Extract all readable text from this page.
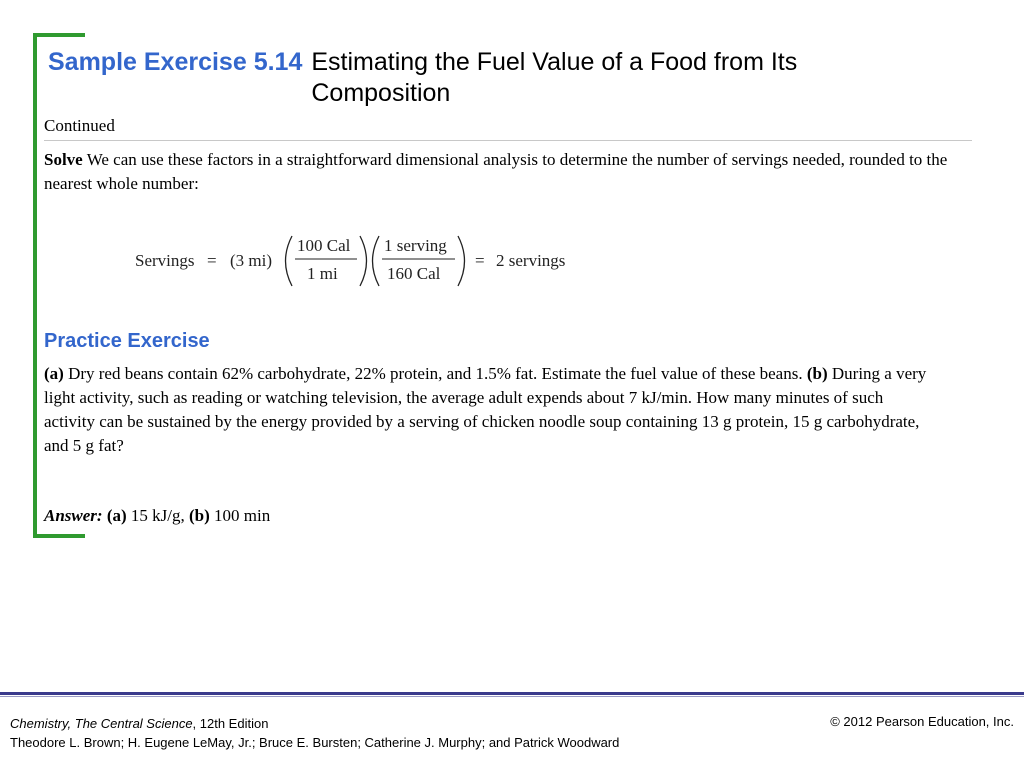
Sample Exercise 5.14 Estimating the Fuel Value of a Food from Its Composition
Continued
Solve We can use these factors in a straightforward dimensional analysis to determine the number of servings needed, rounded to the nearest whole number:
Servings = (3 mi)
100 Cal
1 mi
1 serving
160 Cal
= 2 servings
Practice Exercise
(a) Dry red beans contain 62% carbohydrate, 22% protein, and 1.5% fat. Estimate the fuel value of these beans. (b) During a very light activity, such as reading or watching television, the average adult expends about 7 kJ/min. How many minutes of such activity can be sustained by the energy provided by a serving of chicken noodle soup containing 13 g protein, 15 g carbohydrate, and 5 g fat?
Answer: (a) 15 kJ/g, (b) 100 min
Chemistry, The Central Science, 12th Edition
Theodore L. Brown; H. Eugene LeMay, Jr.; Bruce E. Bursten; Catherine J. Murphy; and Patrick Woodward
© 2012 Pearson Education, Inc.
